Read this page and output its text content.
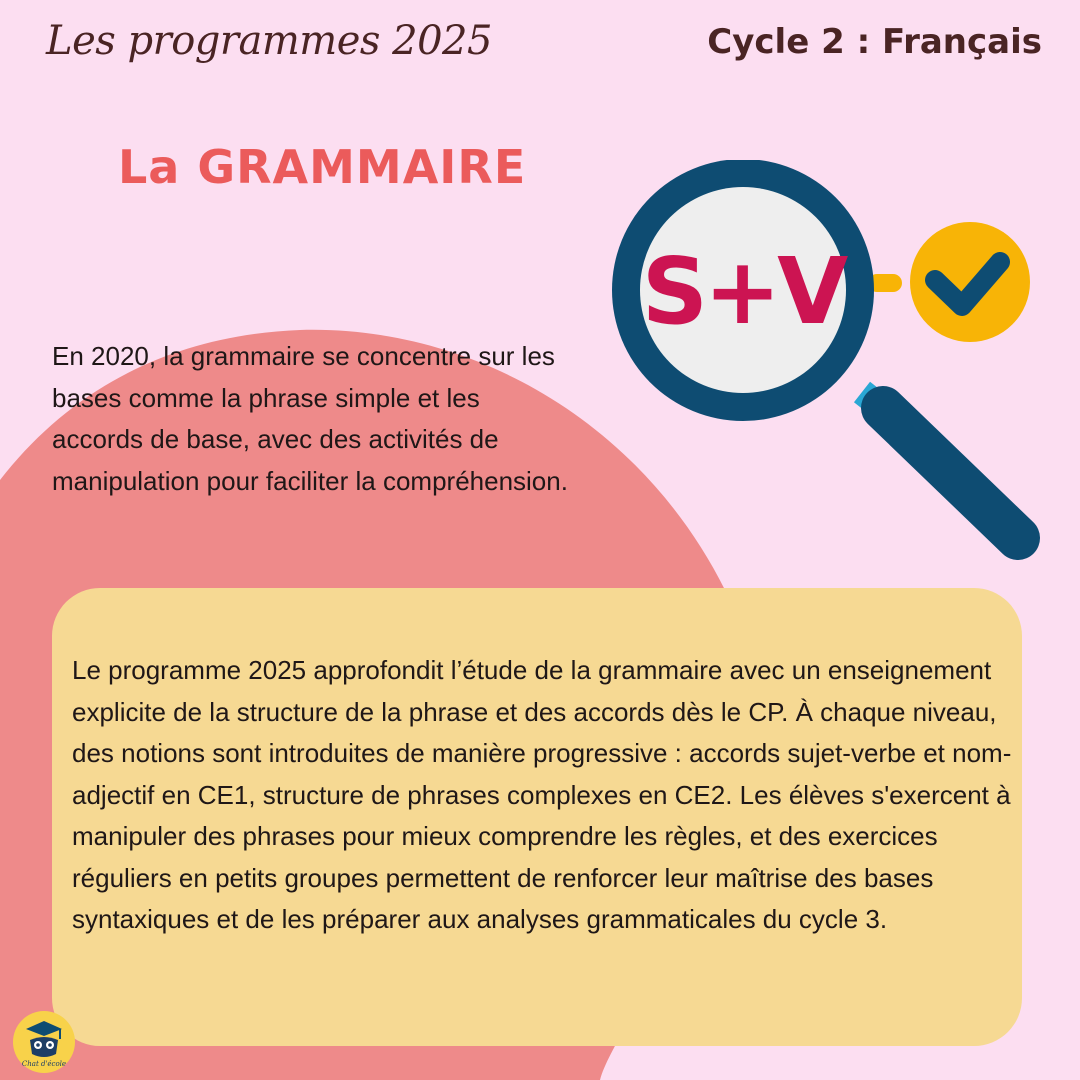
Les programmes 2025	Cycle 2 : Français
La GRAMMAIRE

En 2020, la grammaire se concentre sur les bases comme la phrase simple et les accords de base, avec des activités de manipulation pour faciliter la compréhension.

Le programme 2025 approfondit l’étude de la grammaire avec un enseignement explicite de la structure de la phrase et des accords dès le CP. À chaque niveau, des notions sont introduites de manière progressive : accords sujet-verbe et nom-adjectif en CE1, structure de phrases complexes en CE2. Les élèves s'exercent à manipuler des phrases pour mieux comprendre les règles, et des exercices réguliers en petits groupes permettent de renforcer leur maîtrise des bases syntaxiques et de les préparer aux analyses grammaticales du cycle 3.

S+V
Chat d'école
